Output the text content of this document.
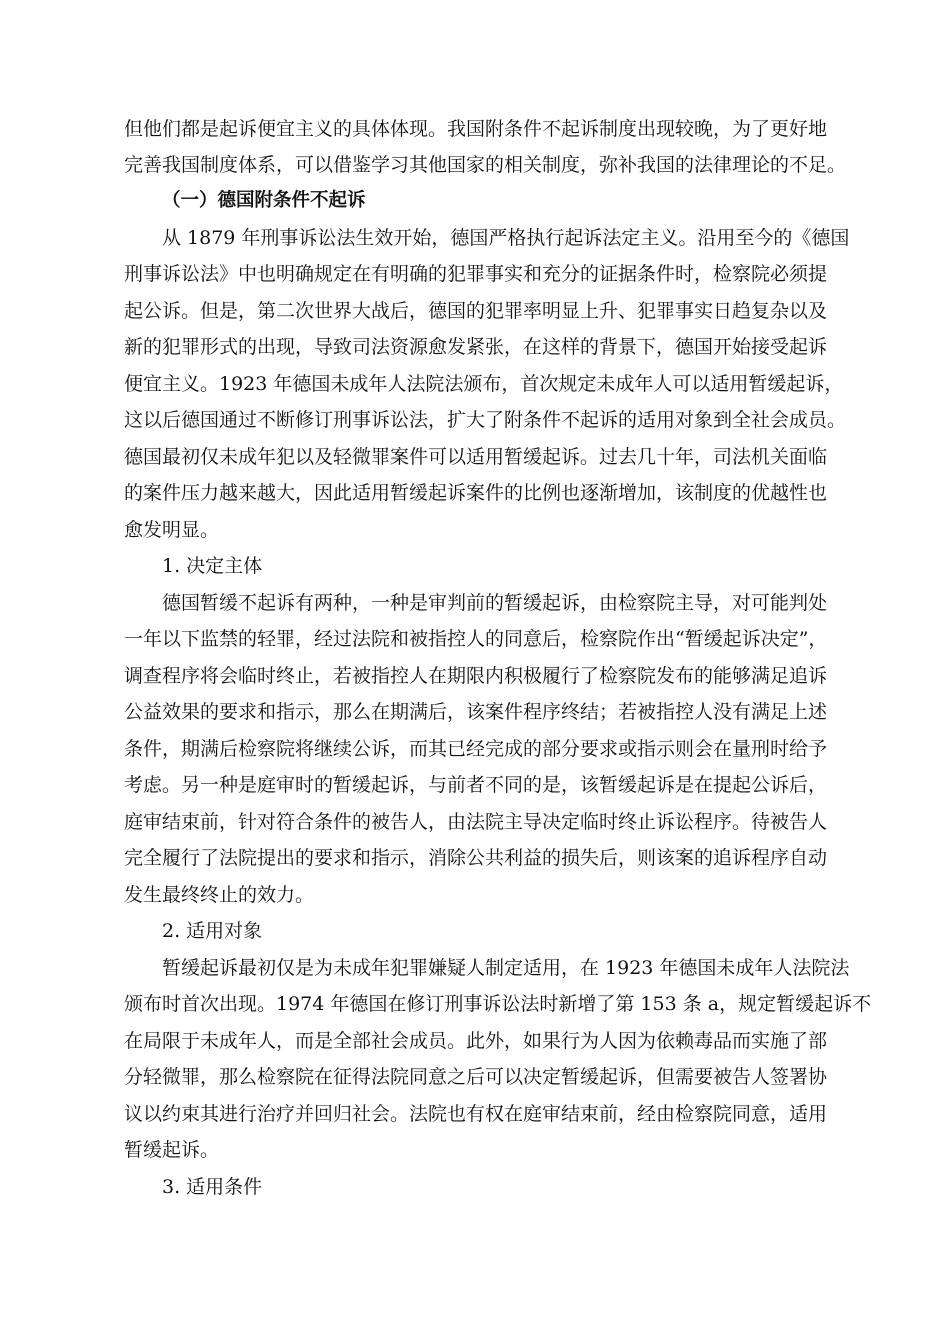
但他们都是起诉便宜主义的具体体现。我国附条件不起诉制度出现较晚，为了更好地
完善我国制度体系，可以借鉴学习其他国家的相关制度，弥补我国的法律理论的不足。
（一）德国附条件不起诉
从 1879 年刑事诉讼法生效开始，德国严格执行起诉法定主义。沿用至今的《德国
刑事诉讼法》中也明确规定在有明确的犯罪事实和充分的证据条件时，检察院必须提
起公诉。但是，第二次世界大战后，德国的犯罪率明显上升、犯罪事实日趋复杂以及
新的犯罪形式的出现，导致司法资源愈发紧张，在这样的背景下，德国开始接受起诉
便宜主义。1923 年德国未成年人法院法颁布，首次规定未成年人可以适用暂缓起诉，
这以后德国通过不断修订刑事诉讼法，扩大了附条件不起诉的适用对象到全社会成员。
德国最初仅未成年犯以及轻微罪案件可以适用暂缓起诉。过去几十年，司法机关面临
的案件压力越来越大，因此适用暂缓起诉案件的比例也逐渐增加，该制度的优越性也
愈发明显。
1. 决定主体
德国暂缓不起诉有两种，一种是审判前的暂缓起诉，由检察院主导，对可能判处
一年以下监禁的轻罪，经过法院和被指控人的同意后，检察院作出“暂缓起诉决定”，
调查程序将会临时终止，若被指控人在期限内积极履行了检察院发布的能够满足追诉
公益效果的要求和指示，那么在期满后，该案件程序终结；若被指控人没有满足上述
条件，期满后检察院将继续公诉，而其已经完成的部分要求或指示则会在量刑时给予
考虑。另一种是庭审时的暂缓起诉，与前者不同的是，该暂缓起诉是在提起公诉后，
庭审结束前，针对符合条件的被告人，由法院主导决定临时终止诉讼程序。待被告人
完全履行了法院提出的要求和指示，消除公共利益的损失后，则该案的追诉程序自动
发生最终终止的效力。
2. 适用对象
暂缓起诉最初仅是为未成年犯罪嫌疑人制定适用，在 1923 年德国未成年人法院法
颁布时首次出现。1974 年德国在修订刑事诉讼法时新增了第 153 条 a，规定暂缓起诉不
在局限于未成年人，而是全部社会成员。此外，如果行为人因为依赖毒品而实施了部
分轻微罪，那么检察院在征得法院同意之后可以决定暂缓起诉，但需要被告人签署协
议以约束其进行治疗并回归社会。法院也有权在庭审结束前，经由检察院同意，适用
暂缓起诉。
3. 适用条件
